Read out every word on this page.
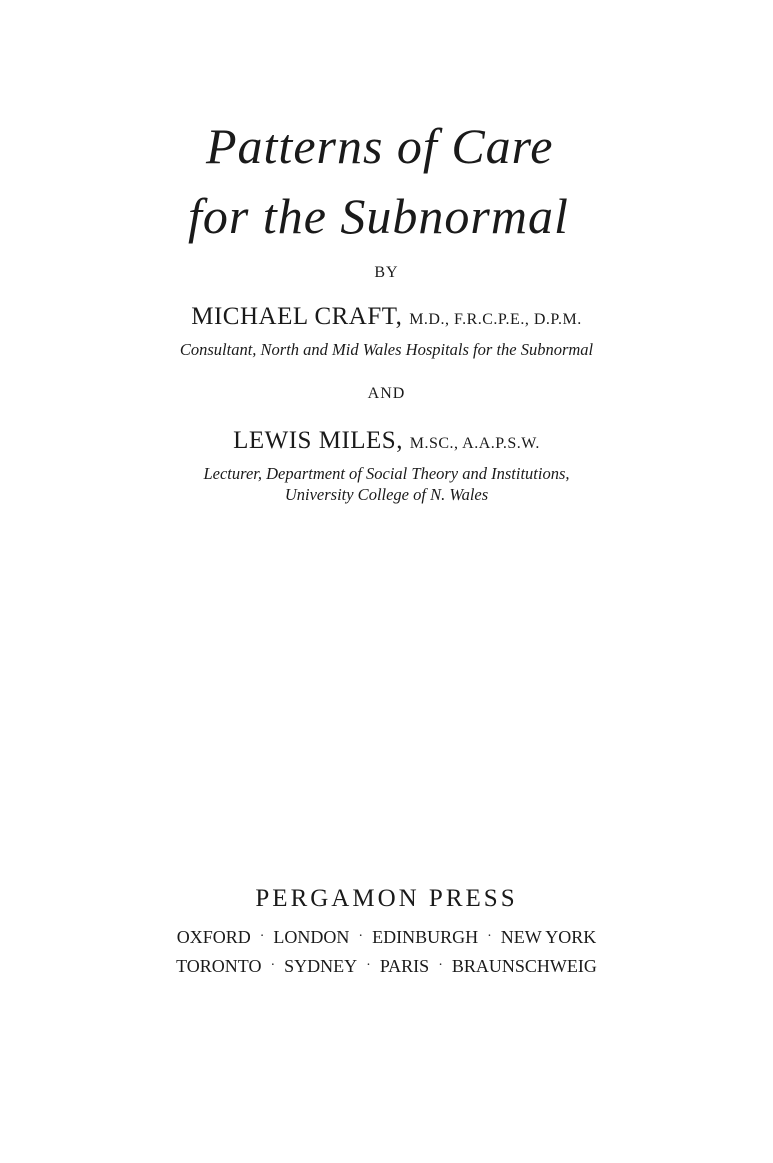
Patterns of Care
for the Subnormal
BY
MICHAEL CRAFT, M.D., F.R.C.P.E., D.P.M.
Consultant, North and Mid Wales Hospitals for the Subnormal
AND
LEWIS MILES, M.SC., A.A.P.S.W.
Lecturer, Department of Social Theory and Institutions,
University College of N. Wales
PERGAMON PRESS
OXFORD · LONDON · EDINBURGH · NEW YORK
TORONTO · SYDNEY · PARIS · BRAUNSCHWEIG
